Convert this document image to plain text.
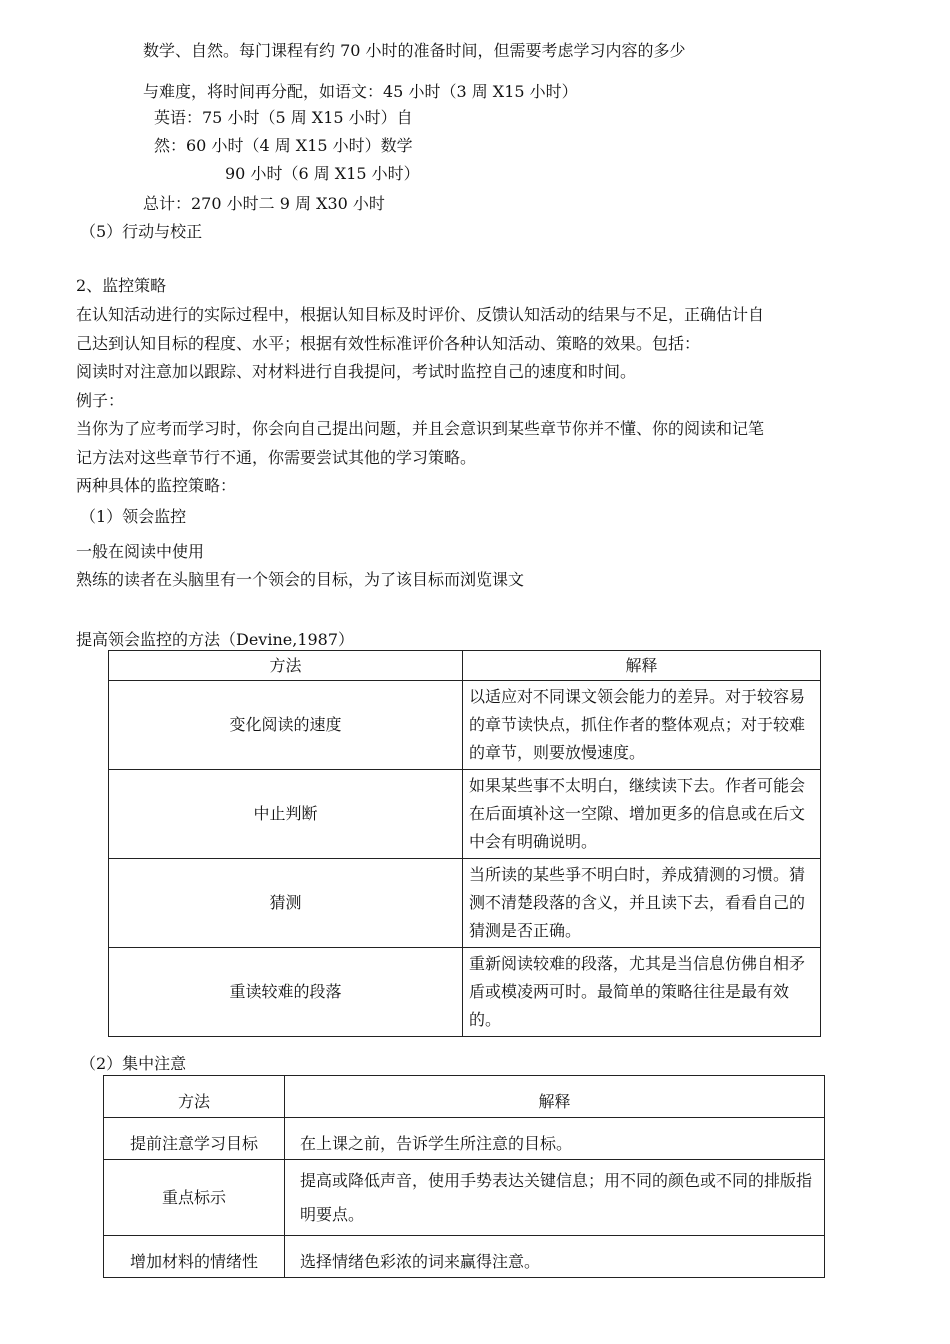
数学、自然。每门课程有约 70 小时的准备时间，但需要考虑学习内容的多少
与难度，将时间再分配，如语文：45 小时（3 周 X15 小时）
英语：75 小时（5 周 X15 小时）自
然：60 小时（4 周 X15 小时）数学
90 小时（6 周 X15 小时）
总计：270 小时二 9 周 X30 小时
（5）行动与校正
2、监控策略
在认知活动进行的实际过程中，根据认知目标及时评价、反馈认知活动的结果与不足，正确估计自
己达到认知目标的程度、水平；根据有效性标准评价各种认知活动、策略的效果。包括：
阅读时对注意加以跟踪、对材料进行自我提问，考试时监控自己的速度和时间。
例子：
当你为了应考而学习时，你会向自己提出问题，并且会意识到某些章节你并不懂、你的阅读和记笔
记方法对这些章节行不通，你需要尝试其他的学习策略。
两种具体的监控策略：
（1）领会监控
一般在阅读中使用
熟练的读者在头脑里有一个领会的目标，为了该目标而浏览课文
提高领会监控的方法（Devine,1987）
方法	解释
变化阅读的速度	以适应对不同课文领会能力的差异。对于较容易的章节读快点，抓住作者的整体观点；对于较难的章节，则要放慢速度。
中止判断	如果某些事不太明白，继续读下去。作者可能会在后面填补这一空隙、增加更多的信息或在后文中会有明确说明。
猜测	当所读的某些爭不明白时，养成猜测的习惯。猜测不清楚段落的含义，并且读下去，看看自己的猜测是否正确。
重读较难的段落	重新阅读较难的段落，尤其是当信息仿佛自相矛盾或模凌两可时。最简单的策略往往是最有效的。
（2）集中注意
方法	解释
提前注意学习目标	在上课之前，告诉学生所注意的目标。
重点标示	提高或降低声音，使用手势表达关键信息；用不同的颜色或不同的排版指明要点。
增加材料的情绪性	选择情绪色彩浓的词来赢得注意。
